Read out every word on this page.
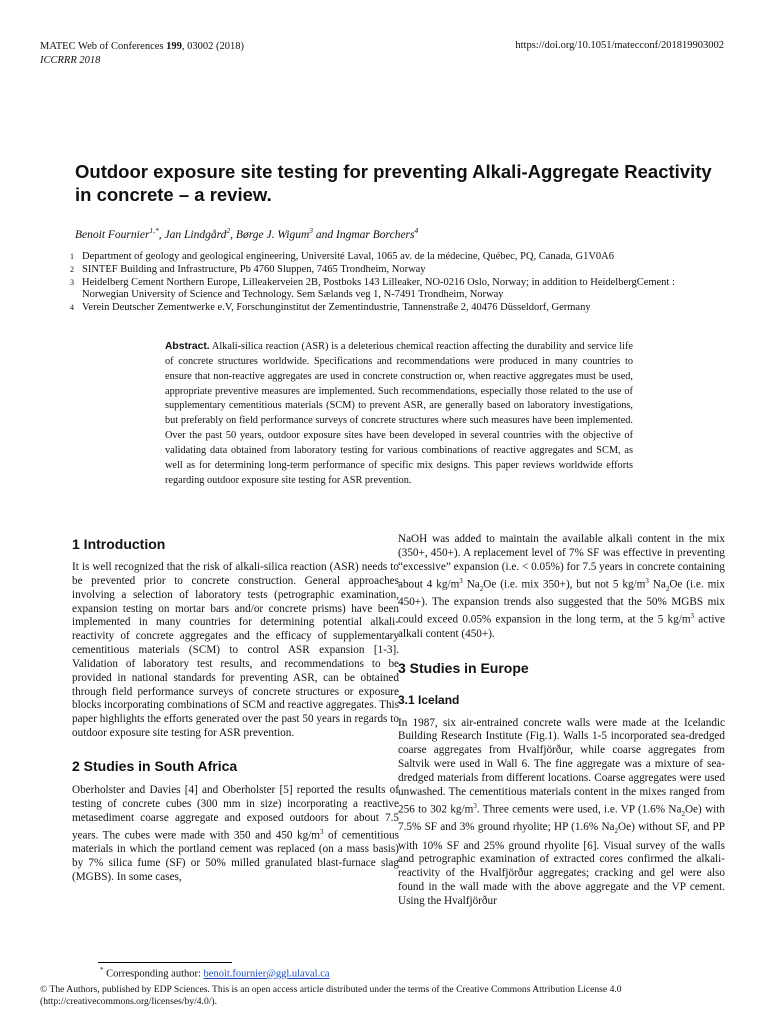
MATEC Web of Conferences 199, 03002 (2018)
ICCRRR 2018
https://doi.org/10.1051/matecconf/201819903002
Outdoor exposure site testing for preventing Alkali-Aggregate Reactivity in concrete – a review.
Benoit Fournier$^{1,*}$, Jan Lindgård$^2$, Børge J. Wigum$^3$ and Ingmar Borchers$^4$
1 Department of geology and geological engineering, Université Laval, 1065 av. de la médecine, Québec, PQ, Canada, G1V0A6
2 SINTEF Building and Infrastructure, Pb 4760 Sluppen, 7465 Trondheim, Norway
3 Heidelberg Cement Northern Europe, Lilleakerveien 2B, Postboks 143 Lilleaker, NO-0216 Oslo, Norway; in addition to HeidelbergCement : Norwegian University of Science and Technology. Sem Sælands veg 1, N-7491 Trondheim, Norway
4 Verein Deutscher Zementwerke e.V, Forschunginstitut der Zementindustrie, Tannenstraße 2, 40476 Düsseldorf, Germany
Abstract. Alkali-silica reaction (ASR) is a deleterious chemical reaction affecting the durability and service life of concrete structures worldwide. Specifications and recommendations were produced in many countries to ensure that non-reactive aggregates are used in concrete construction or, when reactive aggregates must be used, appropriate preventive measures are implemented. Such recommendations, especially those related to the use of supplementary cementitious materials (SCM) to prevent ASR, are generally based on laboratory investigations, but preferably on field performance surveys of concrete structures where such measures have been implemented. Over the past 50 years, outdoor exposure sites have been developed in several countries with the objective of validating data obtained from laboratory testing for various combinations of reactive aggregates and SCM, as well as for determining long-term performance of specific mix designs. This paper reviews worldwide efforts regarding outdoor exposure site testing for ASR prevention.
1 Introduction

It is well recognized that the risk of alkali-silica reaction (ASR) needs to be prevented prior to concrete construction. General approaches involving a selection of laboratory tests (petrographic examination, expansion testing on mortar bars and/or concrete prisms) have been implemented in many countries for determining potential alkali-reactivity of concrete aggregates and the efficacy of supplementary cementitious materials (SCM) to control ASR expansion [1-3]. Validation of laboratory test results, and recommendations to be provided in national standards for preventing ASR, can be obtained through field performance surveys of concrete structures or exposure blocks incorporating combinations of SCM and reactive aggregates. This paper highlights the efforts generated over the past 50 years in regards to outdoor exposure site testing for ASR prevention.

2 Studies in South Africa

Oberholster and Davies [4] and Oberholster [5] reported the results of testing of concrete cubes (300 mm in size) incorporating a reactive metasediment coarse aggregate and exposed outdoors for about 7.5 years. The cubes were made with 350 and 450 $kg/m^3$ of cementitious materials in which the portland cement was replaced (on a mass basis) by 7% silica fume (SF) or 50% milled granulated blast-furnace slag (MGBS). In some cases,

NaOH was added to maintain the available alkali content in the mix (350+, 450+). A replacement level of 7% SF was effective in preventing “excessive” expansion (i.e. < 0.05%) for 7.5 years in concrete containing about 4 $kg/m^3$ $Na_2Oe$ (i.e. mix 350+), but not 5 $kg/m^3$ $Na_2Oe$ (i.e. mix 450+). The expansion trends also suggested that the 50% MGBS mix could exceed 0.05% expansion in the long term, at the 5 $kg/m^3$ active alkali content (450+).

3 Studies in Europe
3.1 Iceland

In 1987, six air-entrained concrete walls were made at the Icelandic Building Research Institute (Fig.1). Walls 1-5 incorporated sea-dredged coarse aggregates from Hvalfjörður, while coarse aggregates from Saltvik were used in Wall 6. The fine aggregate was a mixture of sea-dredged materials from different locations. Coarse aggregates were used unwashed. The cementitious materials content in the mixes ranged from 256 to 302 $kg/m^3$. Three cements were used, i.e. VP (1.6% $Na_2Oe$) with 7.5% SF and 3% ground rhyolite; HP (1.6% $Na_2Oe$) without SF, and PP with 10% SF and 25% ground rhyolite [6]. Visual survey of the walls and petrographic examination of extracted cores confirmed the alkali-reactivity of the Hvalfjörður aggregates; cracking and gel were also found in the wall made with the above aggregate and the VP cement. Using the Hvalfjörður

* Corresponding author: benoit.fournier@ggl.ulaval.ca
© The Authors, published by EDP Sciences. This is an open access article distributed under the terms of the Creative Commons Attribution License 4.0 (http://creativecommons.org/licenses/by/4.0/).
